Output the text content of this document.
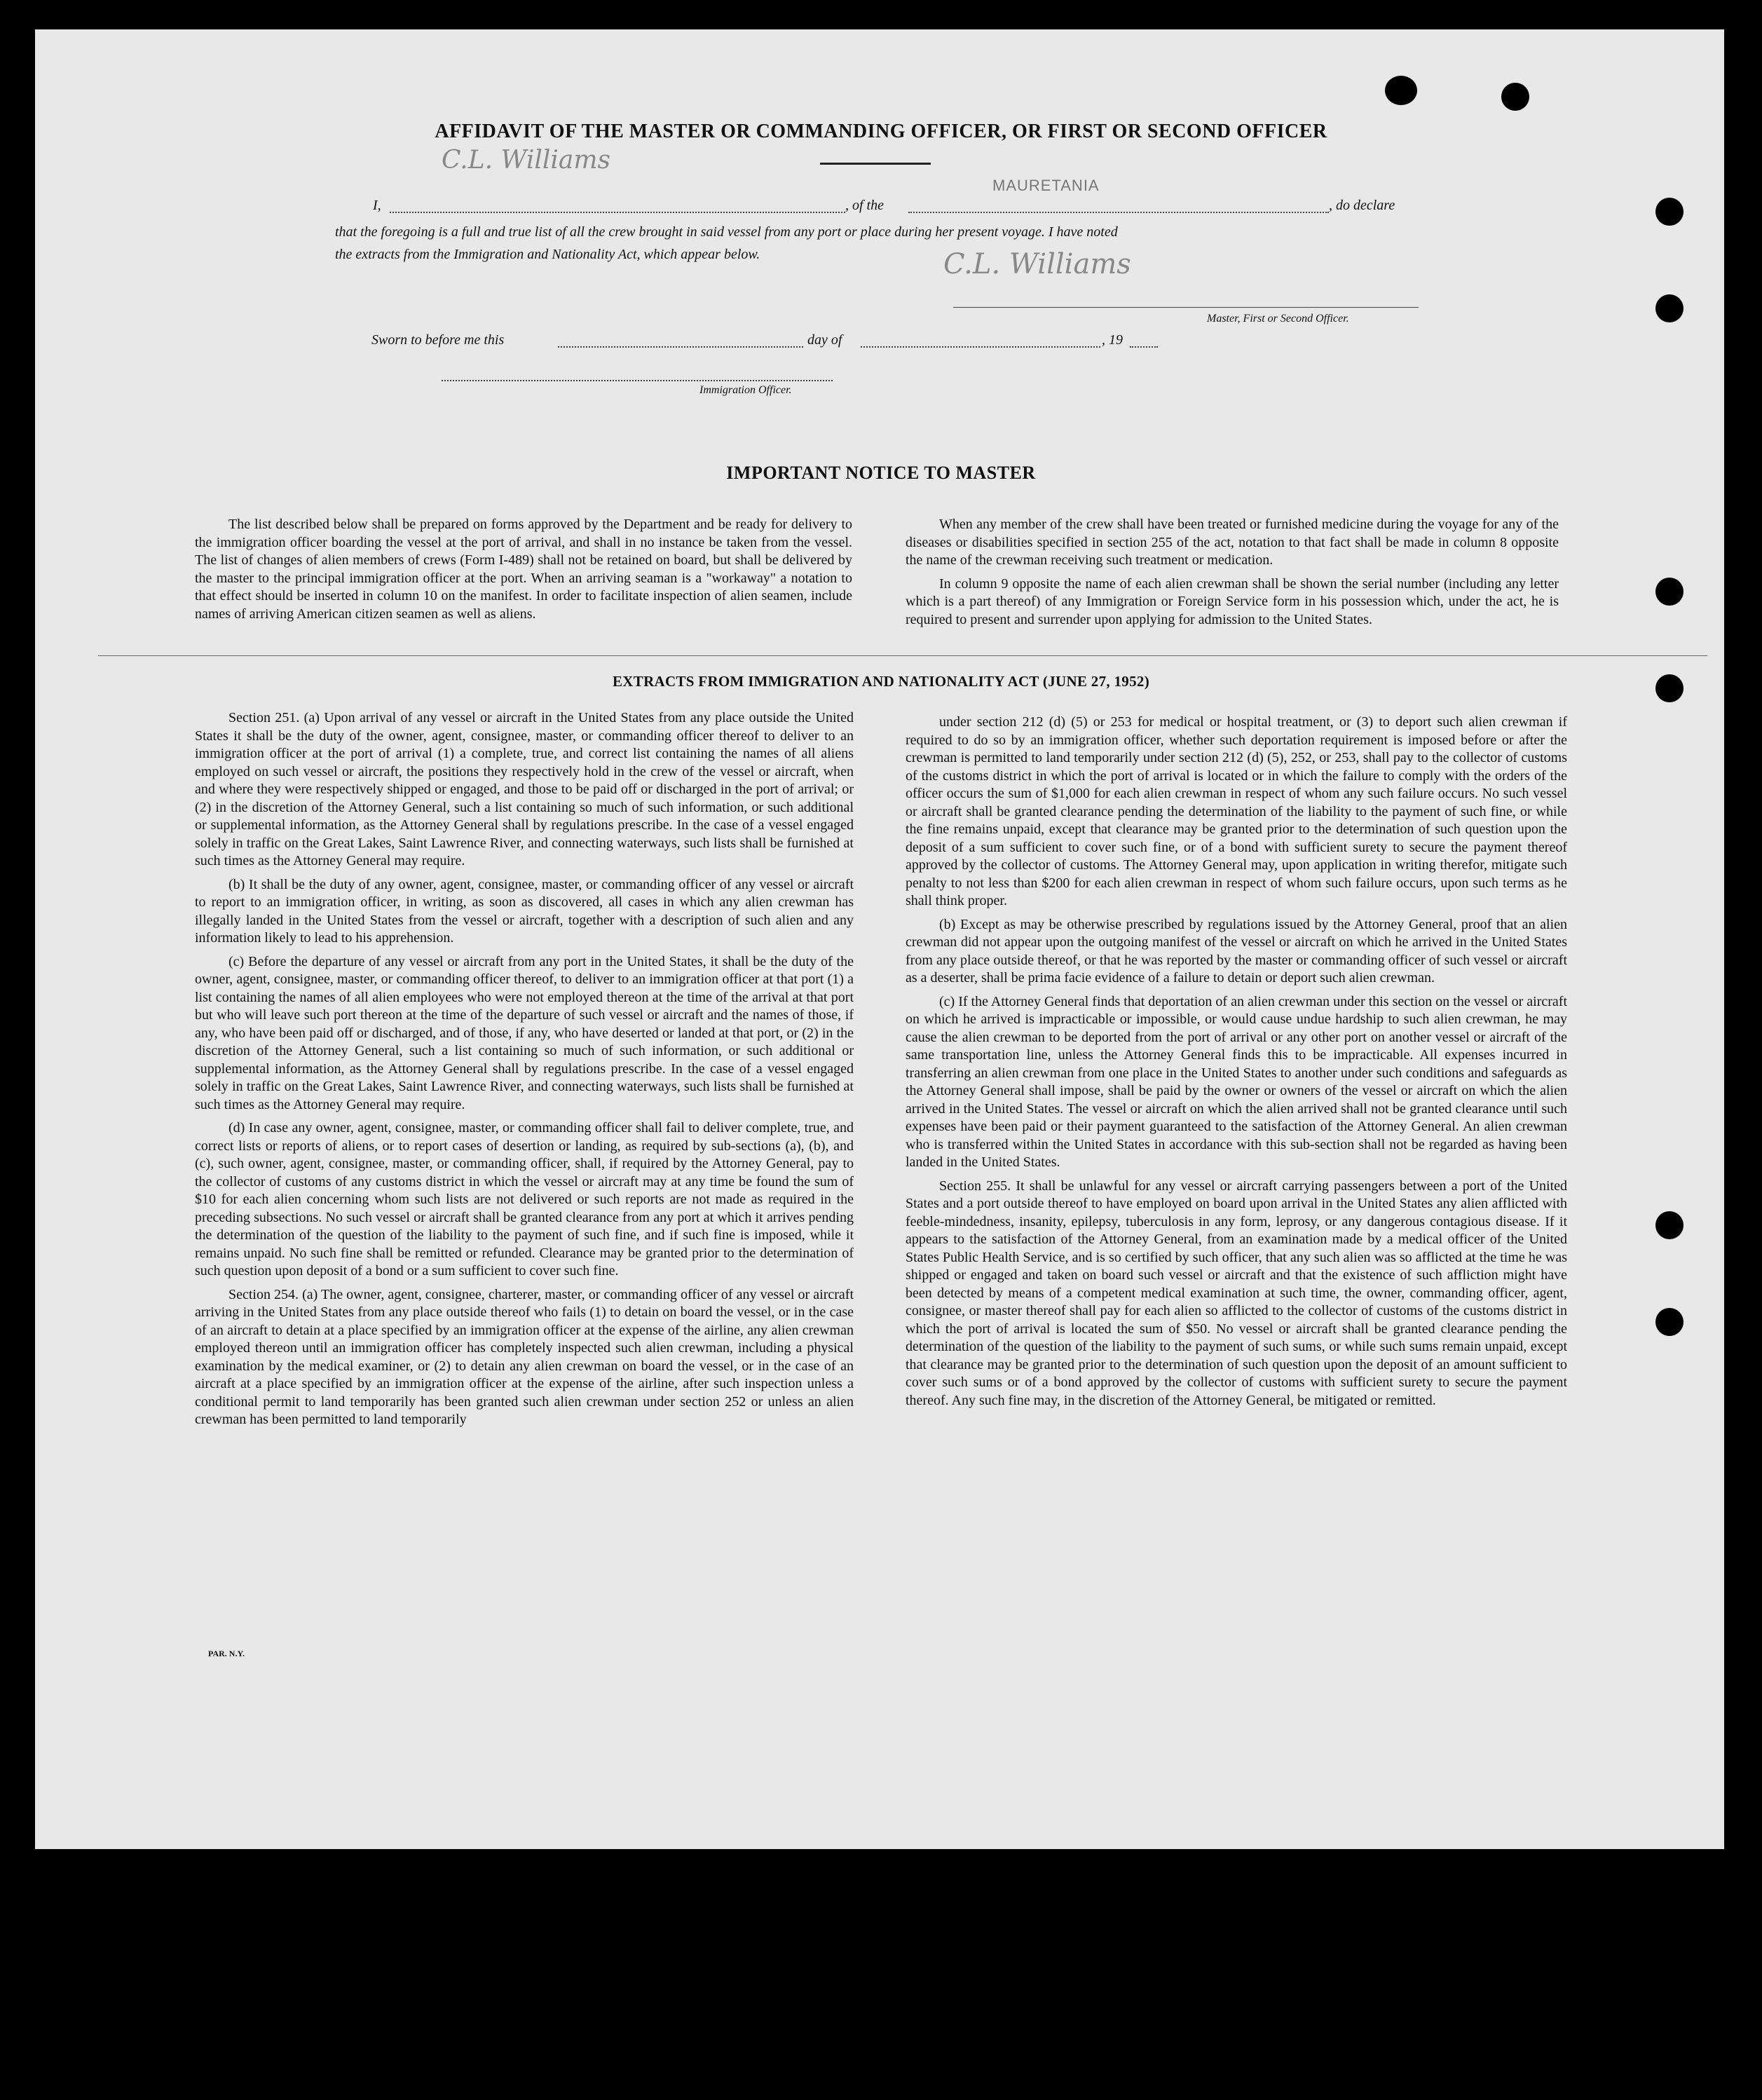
AFFIDAVIT OF THE MASTER OR COMMANDING OFFICER, OR FIRST OR SECOND OFFICER
I,
C.L. Williams
, of the
MAURETANIA
, do declare
that the foregoing is a full and true list of all the crew brought in said vessel from any port or place during her present voyage. I have noted
the extracts from the Immigration and Nationality Act, which appear below.	C.L. Williams
Master, First or Second Officer.
Sworn to before me this	day of	, 19
Immigration Officer.
IMPORTANT NOTICE TO MASTER

The list described below shall be prepared on forms approved by the Department and be ready for delivery to the immigration officer boarding the vessel at the port of arrival, and shall in no instance be taken from the vessel. The list of changes of alien members of crews (Form I-489) shall not be retained on board, but shall be delivered by the master to the principal immigration officer at the port. When an arriving seaman is a "workaway" a notation to that effect should be inserted in column 10 on the manifest. In order to facilitate inspection of alien seamen, include names of arriving American citizen seamen as well as aliens.

When any member of the crew shall have been treated or furnished medicine during the voyage for any of the diseases or disabilities specified in section 255 of the act, notation to that fact shall be made in column 8 opposite the name of the crewman receiving such treatment or medication.

In column 9 opposite the name of each alien crewman shall be shown the serial number (including any letter which is a part thereof) of any Immigration or Foreign Service form in his possession which, under the act, he is required to present and surrender upon applying for admission to the United States.

EXTRACTS FROM IMMIGRATION AND NATIONALITY ACT (JUNE 27, 1952)

Section 251. (a) Upon arrival of any vessel or aircraft in the United States from any place outside the United States it shall be the duty of the owner, agent, consignee, master, or commanding officer thereof to deliver to an immigration officer at the port of arrival (1) a complete, true, and correct list containing the names of all aliens employed on such vessel or aircraft, the positions they respectively hold in the crew of the vessel or aircraft, when and where they were respectively shipped or engaged, and those to be paid off or discharged in the port of arrival; or (2) in the discretion of the Attorney General, such a list containing so much of such information, or such additional or supplemental information, as the Attorney General shall by regulations prescribe. In the case of a vessel engaged solely in traffic on the Great Lakes, Saint Lawrence River, and connecting waterways, such lists shall be furnished at such times as the Attorney General may require.

(b) It shall be the duty of any owner, agent, consignee, master, or commanding officer of any vessel or aircraft to report to an immigration officer, in writing, as soon as discovered, all cases in which any alien crewman has illegally landed in the United States from the vessel or aircraft, together with a description of such alien and any information likely to lead to his apprehension.

(c) Before the departure of any vessel or aircraft from any port in the United States, it shall be the duty of the owner, agent, consignee, master, or commanding officer thereof, to deliver to an immigration officer at that port (1) a list containing the names of all alien employees who were not employed thereon at the time of the arrival at that port but who will leave such port thereon at the time of the departure of such vessel or aircraft and the names of those, if any, who have been paid off or discharged, and of those, if any, who have deserted or landed at that port, or (2) in the discretion of the Attorney General, such a list containing so much of such information, or such additional or supplemental information, as the Attorney General shall by regulations prescribe. In the case of a vessel engaged solely in traffic on the Great Lakes, Saint Lawrence River, and connecting waterways, such lists shall be furnished at such times as the Attorney General may require.

(d) In case any owner, agent, consignee, master, or commanding officer shall fail to deliver complete, true, and correct lists or reports of aliens, or to report cases of desertion or landing, as required by sub-sections (a), (b), and (c), such owner, agent, consignee, master, or commanding officer, shall, if required by the Attorney General, pay to the collector of customs of any customs district in which the vessel or aircraft may at any time be found the sum of $10 for each alien concerning whom such lists are not delivered or such reports are not made as required in the preceding subsections. No such vessel or aircraft shall be granted clearance from any port at which it arrives pending the determination of the question of the liability to the payment of such fine, and if such fine is imposed, while it remains unpaid. No such fine shall be remitted or refunded. Clearance may be granted prior to the determination of such question upon deposit of a bond or a sum sufficient to cover such fine.

Section 254. (a) The owner, agent, consignee, charterer, master, or commanding officer of any vessel or aircraft arriving in the United States from any place outside thereof who fails (1) to detain on board the vessel, or in the case of an aircraft to detain at a place specified by an immigration officer at the expense of the airline, any alien crewman employed thereon until an immigration officer has completely inspected such alien crewman, including a physical examination by the medical examiner, or (2) to detain any alien crewman on board the vessel, or in the case of an aircraft at a place specified by an immigration officer at the expense of the airline, after such inspection unless a conditional permit to land temporarily has been granted such alien crewman under section 252 or unless an alien crewman has been permitted to land temporarily

under section 212 (d) (5) or 253 for medical or hospital treatment, or (3) to deport such alien crewman if required to do so by an immigration officer, whether such deportation requirement is imposed before or after the crewman is permitted to land temporarily under section 212 (d) (5), 252, or 253, shall pay to the collector of customs of the customs district in which the port of arrival is located or in which the failure to comply with the orders of the officer occurs the sum of $1,000 for each alien crewman in respect of whom any such failure occurs. No such vessel or aircraft shall be granted clearance pending the determination of the liability to the payment of such fine, or while the fine remains unpaid, except that clearance may be granted prior to the determination of such question upon the deposit of a sum sufficient to cover such fine, or of a bond with sufficient surety to secure the payment thereof approved by the collector of customs. The Attorney General may, upon application in writing therefor, mitigate such penalty to not less than $200 for each alien crewman in respect of whom such failure occurs, upon such terms as he shall think proper.

(b) Except as may be otherwise prescribed by regulations issued by the Attorney General, proof that an alien crewman did not appear upon the outgoing manifest of the vessel or aircraft on which he arrived in the United States from any place outside thereof, or that he was reported by the master or commanding officer of such vessel or aircraft as a deserter, shall be prima facie evidence of a failure to detain or deport such alien crewman.

(c) If the Attorney General finds that deportation of an alien crewman under this section on the vessel or aircraft on which he arrived is impracticable or impossible, or would cause undue hardship to such alien crewman, he may cause the alien crewman to be deported from the port of arrival or any other port on another vessel or aircraft of the same transportation line, unless the Attorney General finds this to be impracticable. All expenses incurred in transferring an alien crewman from one place in the United States to another under such conditions and safeguards as the Attorney General shall impose, shall be paid by the owner or owners of the vessel or aircraft on which the alien arrived in the United States. The vessel or aircraft on which the alien arrived shall not be granted clearance until such expenses have been paid or their payment guaranteed to the satisfaction of the Attorney General. An alien crewman who is transferred within the United States in accordance with this sub-section shall not be regarded as having been landed in the United States.

Section 255. It shall be unlawful for any vessel or aircraft carrying passengers between a port of the United States and a port outside thereof to have employed on board upon arrival in the United States any alien afflicted with feeble-mindedness, insanity, epilepsy, tuberculosis in any form, leprosy, or any dangerous contagious disease. If it appears to the satisfaction of the Attorney General, from an examination made by a medical officer of the United States Public Health Service, and is so certified by such officer, that any such alien was so afflicted at the time he was shipped or engaged and taken on board such vessel or aircraft and that the existence of such affliction might have been detected by means of a competent medical examination at such time, the owner, commanding officer, agent, consignee, or master thereof shall pay for each alien so afflicted to the collector of customs of the customs district in which the port of arrival is located the sum of $50. No vessel or aircraft shall be granted clearance pending the determination of the question of the liability to the payment of such sums, or while such sums remain unpaid, except that clearance may be granted prior to the determination of such question upon the deposit of an amount sufficient to cover such sums or of a bond approved by the collector of customs with sufficient surety to secure the payment thereof. Any such fine may, in the discretion of the Attorney General, be mitigated or remitted.

PAR. N.Y.
